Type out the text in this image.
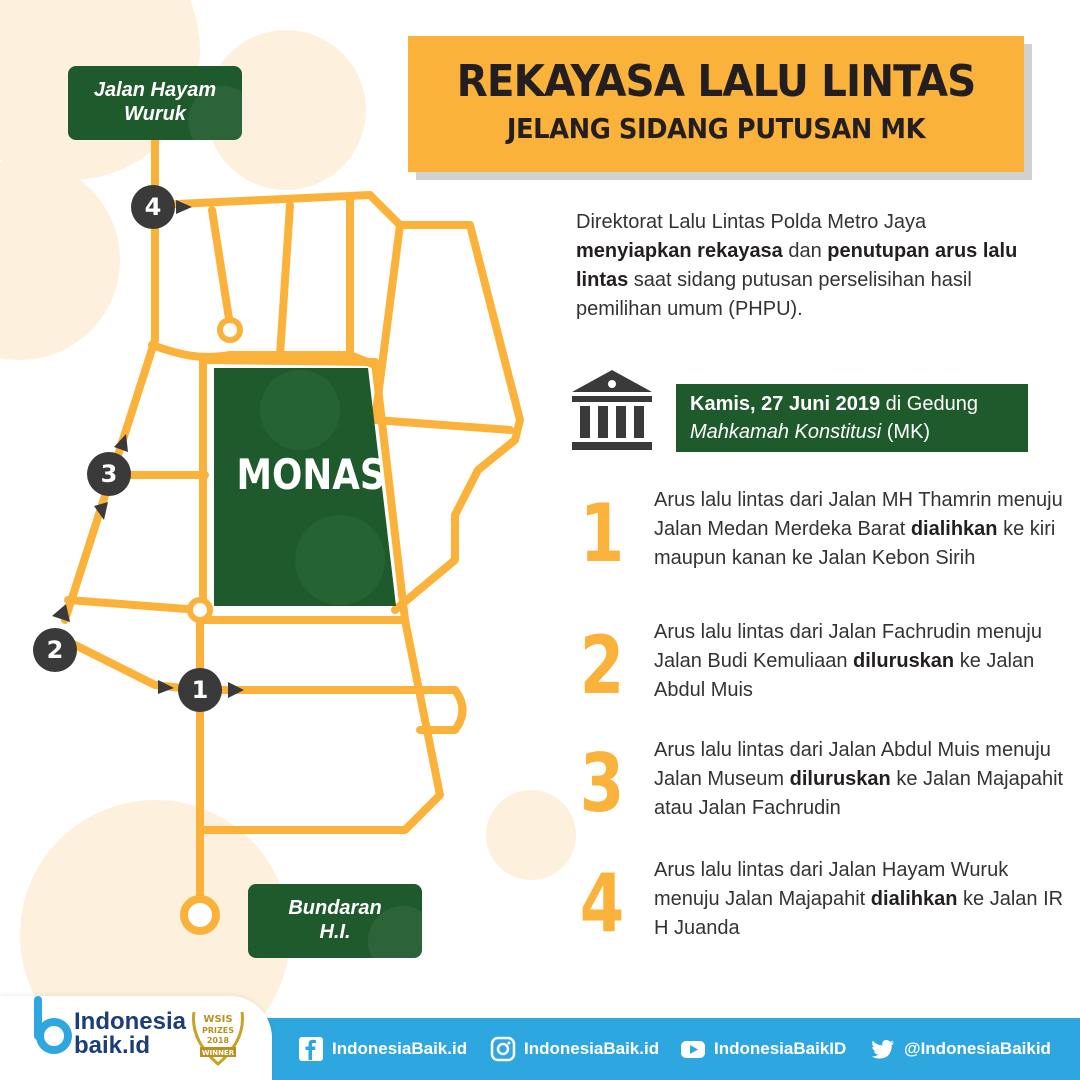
MONAS
4
3
2
1
Jalan Hayam
Wuruk
Bundaran
H.I.
REKAYASA LALU LINTAS
JELANG SIDANG PUTUSAN MK
Direktorat Lalu Lintas Polda Metro Jaya menyiapkan rekayasa dan penutupan arus lalu lintas saat sidang putusan perselisihan hasil pemilihan umum (PHPU).
Kamis, 27 Juni 2019 di Gedung
Mahkamah Konstitusi (MK)
1 Arus lalu lintas dari Jalan MH Thamrin menuju Jalan Medan Merdeka Barat dialihkan ke kiri maupun kanan ke Jalan Kebon Sirih
2 Arus lalu lintas dari Jalan Fachrudin menuju Jalan Budi Kemuliaan diluruskan ke Jalan Abdul Muis
3 Arus lalu lintas dari Jalan Abdul Muis menuju Jalan Museum diluruskan ke Jalan Majapahit atau Jalan Fachrudin
4 Arus lalu lintas dari Jalan Hayam Wuruk menuju Jalan Majapahit dialihkan ke Jalan IR H Juanda
Indonesia
baik.id
WSIS
PRIZES
2018
WINNER	IndonesiaBaik.id	IndonesiaBaik.id	IndonesiaBaikID	@IndonesiaBaikid
